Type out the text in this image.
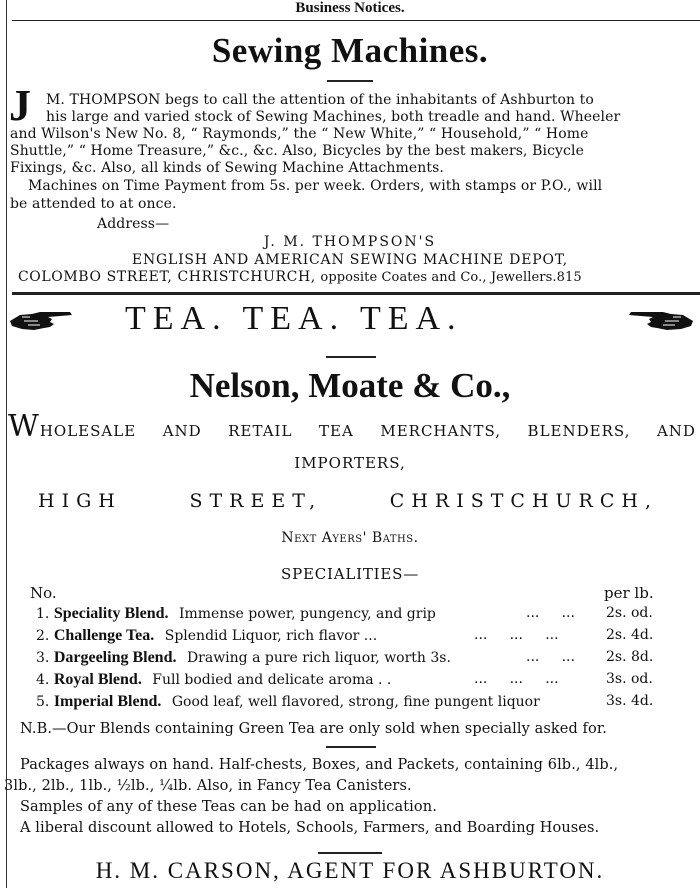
Business Notices.
Sewing Machines.
J M. THOMPSON begs to call the attention of the inhabitants of Ashburton to
his large and varied stock of Sewing Machines, both treadle and hand. Wheeler
and Wilson's New No. 8, “ Raymonds,” the “ New White,” “ Household,” “ Home
Shuttle,” “ Home Treasure,” &c., &c. Also, Bicycles by the best makers, Bicycle
Fixings, &c. Also, all kinds of Sewing Machine Attachments.
Machines on Time Payment from 5s. per week. Orders, with stamps or P.O., will
be attended to at once.
Address—
J. M. THOMPSON'S
ENGLISH AND AMERICAN SEWING MACHINE DEPOT,
COLOMBO STREET, CHRISTCHURCH, opposite Coates and Co., Jewellers.815
TEA. TEA. TEA.
Nelson, Moate & Co.,
WHOLESALE AND RETAIL TEA MERCHANTS, BLENDERS, AND
IMPORTERS,
HIGH	STREET,	CHRISTCHURCH,
Next Ayers' Baths.
SPECIALITIES—
No.	per lb.
1. Speciality Blend. Immense power, pungency, and grip	...     ... 2s. od.
2. Challenge Tea. Splendid Liquor, rich flavor ...	...     ...     ...	2s. 4d.
3. Dargeeling Blend. Drawing a pure rich liquor, worth 3s.	...     ... 2s. 8d.
4. Royal Blend. Full bodied and delicate aroma . .	...     ...     ...	3s. od.
5. Imperial Blend. Good leaf, well flavored, strong, fine pungent liquor	3s. 4d.
N.B.—Our Blends containing Green Tea are only sold when specially asked for.
Packages always on hand. Half-chests, Boxes, and Packets, containing 6lb., 4lb.,
3lb., 2lb., 1lb., ½lb., ¼lb. Also, in Fancy Tea Canisters.
Samples of any of these Teas can be had on application.
A liberal discount allowed to Hotels, Schools, Farmers, and Boarding Houses.
H. M. CARSON, AGENT FOR ASHBURTON.
